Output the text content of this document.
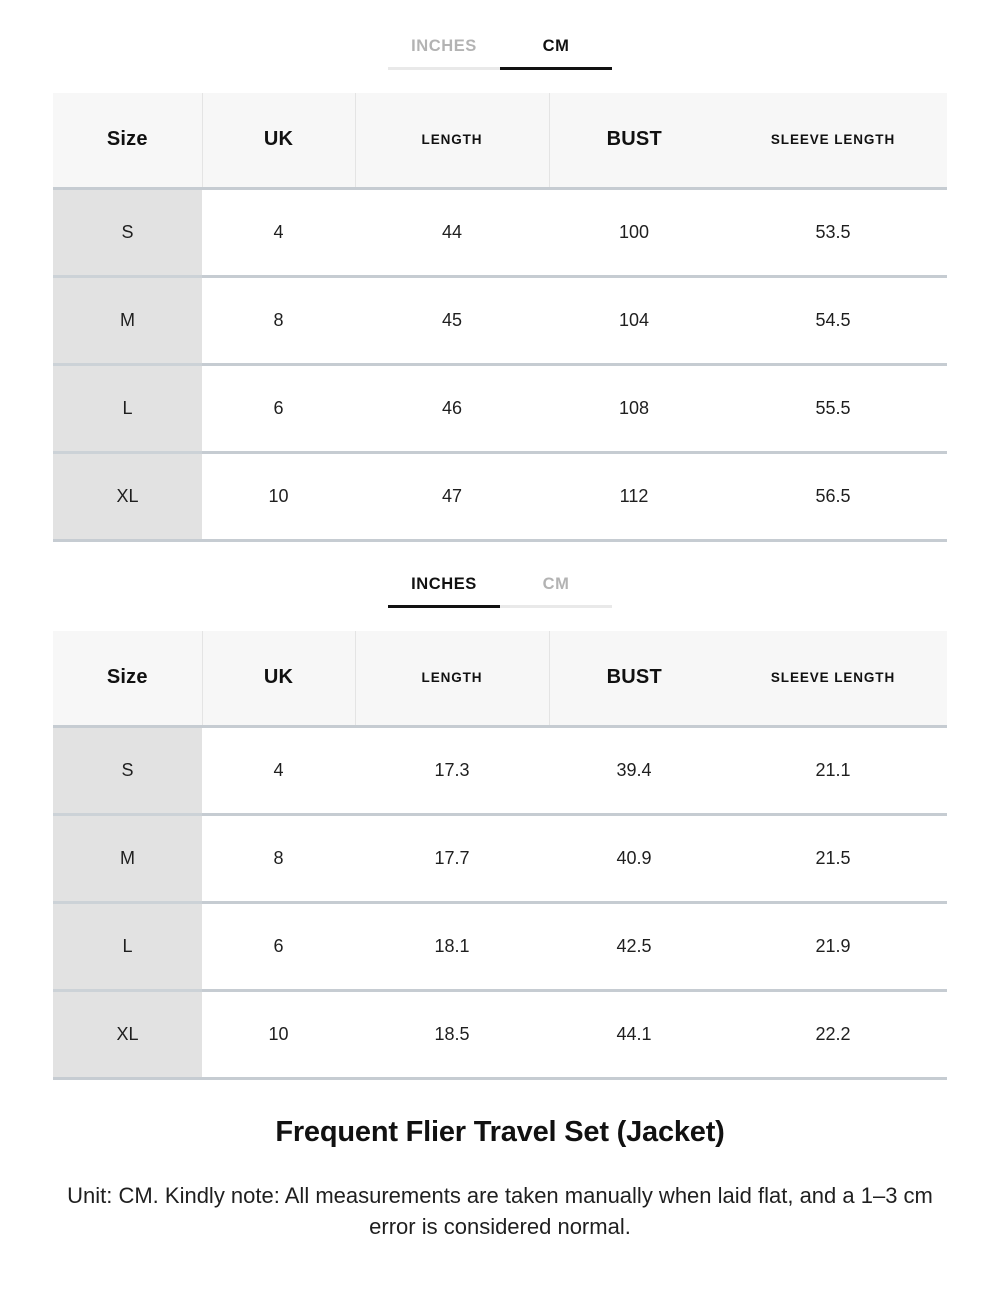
INCHES	CM
Size	UK	LENGTH	BUST	SLEEVE LENGTH
S	4	44	100	53.5
M	8	45	104	54.5
L	6	46	108	55.5
XL	10	47	112	56.5
INCHES	CM
Size	UK	LENGTH	BUST	SLEEVE LENGTH
S	4	17.3	39.4	21.1
M	8	17.7	40.9	21.5
L	6	18.1	42.5	21.9
XL	10	18.5	44.1	22.2
Frequent Flier Travel Set (Jacket)
Unit: CM. Kindly note: All measurements are taken manually when laid flat, and a 1–3 cm error is considered normal.
